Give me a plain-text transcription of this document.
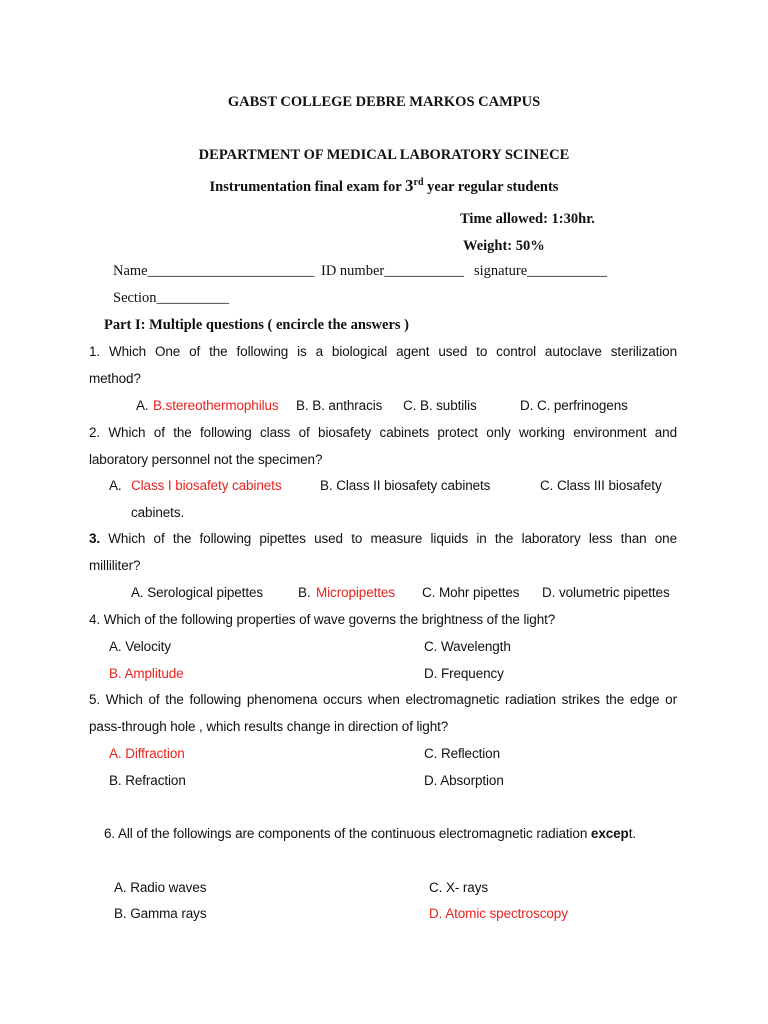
GABST COLLEGE DEBRE MARKOS CAMPUS
DEPARTMENT OF MEDICAL LABORATORY SCINECE
Instrumentation final exam for 3rd year regular students
Time allowed: 1:30hr.
Weight: 50%
Name_______________________ ID number___________ signature___________
Section__________
Part I: Multiple questions ( encircle the answers )
1. Which One of the following is a biological agent used to control autoclave sterilization
method?
A. B.stereothermophilus B. B. anthracis C. B. subtilis	D. C. perfrinogens
2. Which of the following class of biosafety cabinets protect only working environment and
laboratory personnel not the specimen?
A. Class I biosafety cabinets	B. Class II biosafety cabinets	C. Class III biosafety
cabinets.
3. Which of the following pipettes used to measure liquids in the laboratory less than one
milliliter?
A. Serological pipettes	B. Micropipettes C. Mohr pipettes D. volumetric pipettes
4. Which of the following properties of wave governs the brightness of the light?
A. Velocity	C. Wavelength
B. Amplitude	D. Frequency
5. Which of the following phenomena occurs when electromagnetic radiation strikes the edge or
pass-through hole , which results change in direction of light?
A. Diffraction	C. Reflection
B. Refraction	D. Absorption
6. All of the followings are components of the continuous electromagnetic radiation except.
A. Radio waves	C. X- rays
B. Gamma rays	D. Atomic spectroscopy
